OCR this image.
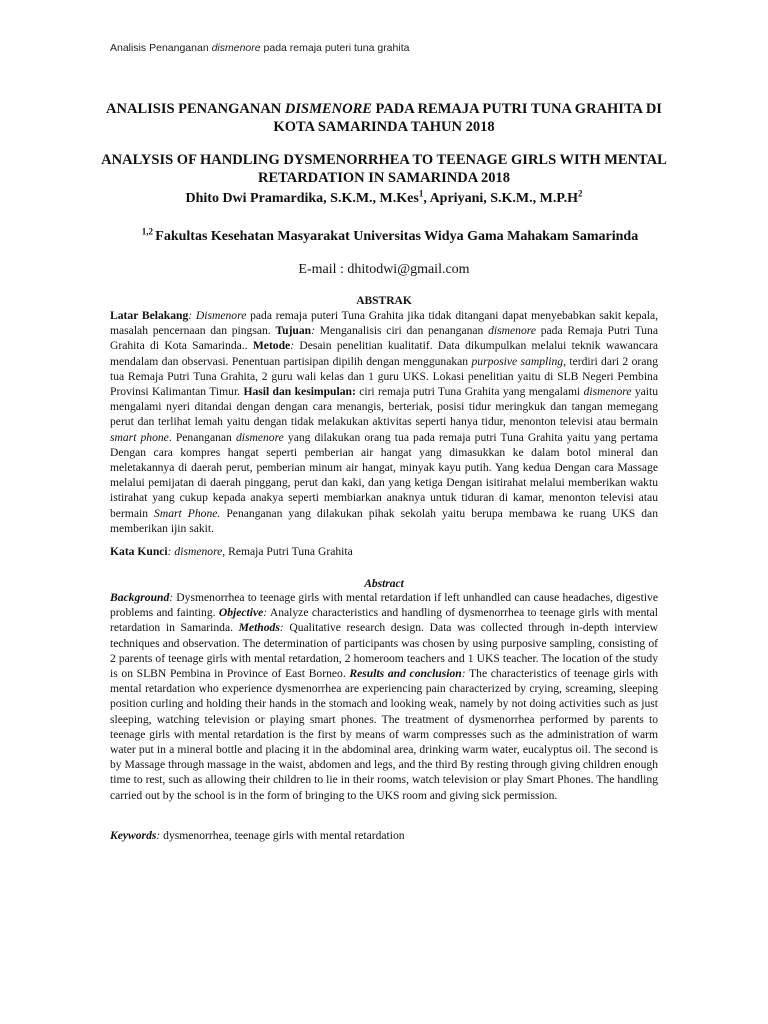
Analisis Penanganan dismenore pada remaja puteri tuna grahita
ANALISIS PENANGANAN DISMENORE PADA REMAJA PUTRI TUNA GRAHITA DI KOTA SAMARINDA TAHUN 2018
ANALYSIS OF HANDLING DYSMENORRHEA TO TEENAGE GIRLS WITH MENTAL RETARDATION IN SAMARINDA 2018
Dhito Dwi Pramardika, S.K.M., M.Kes$^1$, Apriyani, S.K.M., $M.P.H^2$
$^{1,2}$ Fakultas Kesehatan Masyarakat Universitas Widya Gama Mahakam Samarinda
E-mail : dhitodwi@gmail.com
ABSTRAK
Latar Belakang: Dismenore pada remaja puteri Tuna Grahita jika tidak ditangani dapat menyebabkan sakit kepala, masalah pencernaan dan pingsan. Tujuan: Menganalisis ciri dan penanganan dismenore pada Remaja Putri Tuna Grahita di Kota Samarinda.. Metode: Desain penelitian kualitatif. Data dikumpulkan melalui teknik wawancara mendalam dan observasi. Penentuan partisipan dipilih dengan menggunakan purposive sampling, terdiri dari 2 orang tua Remaja Putri Tuna Grahita, 2 guru wali kelas dan 1 guru UKS. Lokasi penelitian yaitu di SLB Negeri Pembina Provinsi Kalimantan Timur. Hasil dan kesimpulan: ciri remaja putri Tuna Grahita yang mengalami dismenore yaitu mengalami nyeri ditandai dengan dengan cara menangis, berteriak, posisi tidur meringkuk dan tangan memegang perut dan terlihat lemah yaitu dengan tidak melakukan aktivitas seperti hanya tidur, menonton televisi atau bermain smart phone. Penanganan dismenore yang dilakukan orang tua pada remaja putri Tuna Grahita yaitu yang pertama Dengan cara kompres hangat seperti pemberian air hangat yang dimasukkan ke dalam botol mineral dan meletakannya di daerah perut, pemberian minum air hangat, minyak kayu putih. Yang kedua Dengan cara Massage melalui pemijatan di daerah pinggang, perut dan kaki, dan yang ketiga Dengan isitirahat melalui memberikan waktu istirahat yang cukup kepada anakya seperti membiarkan anaknya untuk tiduran di kamar, menonton televisi atau bermain Smart Phone. Penanganan yang dilakukan pihak sekolah yaitu berupa membawa ke ruang UKS dan memberikan ijin sakit.
Kata Kunci: dismenore, Remaja Putri Tuna Grahita
Abstract
Background: Dysmenorrhea to teenage girls with mental retardation if left unhandled can cause headaches, digestive problems and fainting. Objective: Analyze characteristics and handling of dysmenorrhea to teenage girls with mental retardation in Samarinda. Methods: Qualitative research design. Data was collected through in-depth interview techniques and observation. The determination of participants was chosen by using purposive sampling, consisting of 2 parents of teenage girls with mental retardation, 2 homeroom teachers and 1 UKS teacher. The location of the study is on SLBN Pembina in Province of East Borneo. Results and conclusion: The characteristics of teenage girls with mental retardation who experience dysmenorrhea are experiencing pain characterized by crying, screaming, sleeping position curling and holding their hands in the stomach and looking weak, namely by not doing activities such as just sleeping, watching television or playing smart phones. The treatment of dysmenorrhea performed by parents to teenage girls with mental retardation is the first by means of warm compresses such as the administration of warm water put in a mineral bottle and placing it in the abdominal area, drinking warm water, eucalyptus oil. The second is by Massage through massage in the waist, abdomen and legs, and the third By resting through giving children enough time to rest, such as allowing their children to lie in their rooms, watch television or play Smart Phones. The handling carried out by the school is in the form of bringing to the UKS room and giving sick permission.
Keywords: dysmenorrhea, teenage girls with mental retardation
